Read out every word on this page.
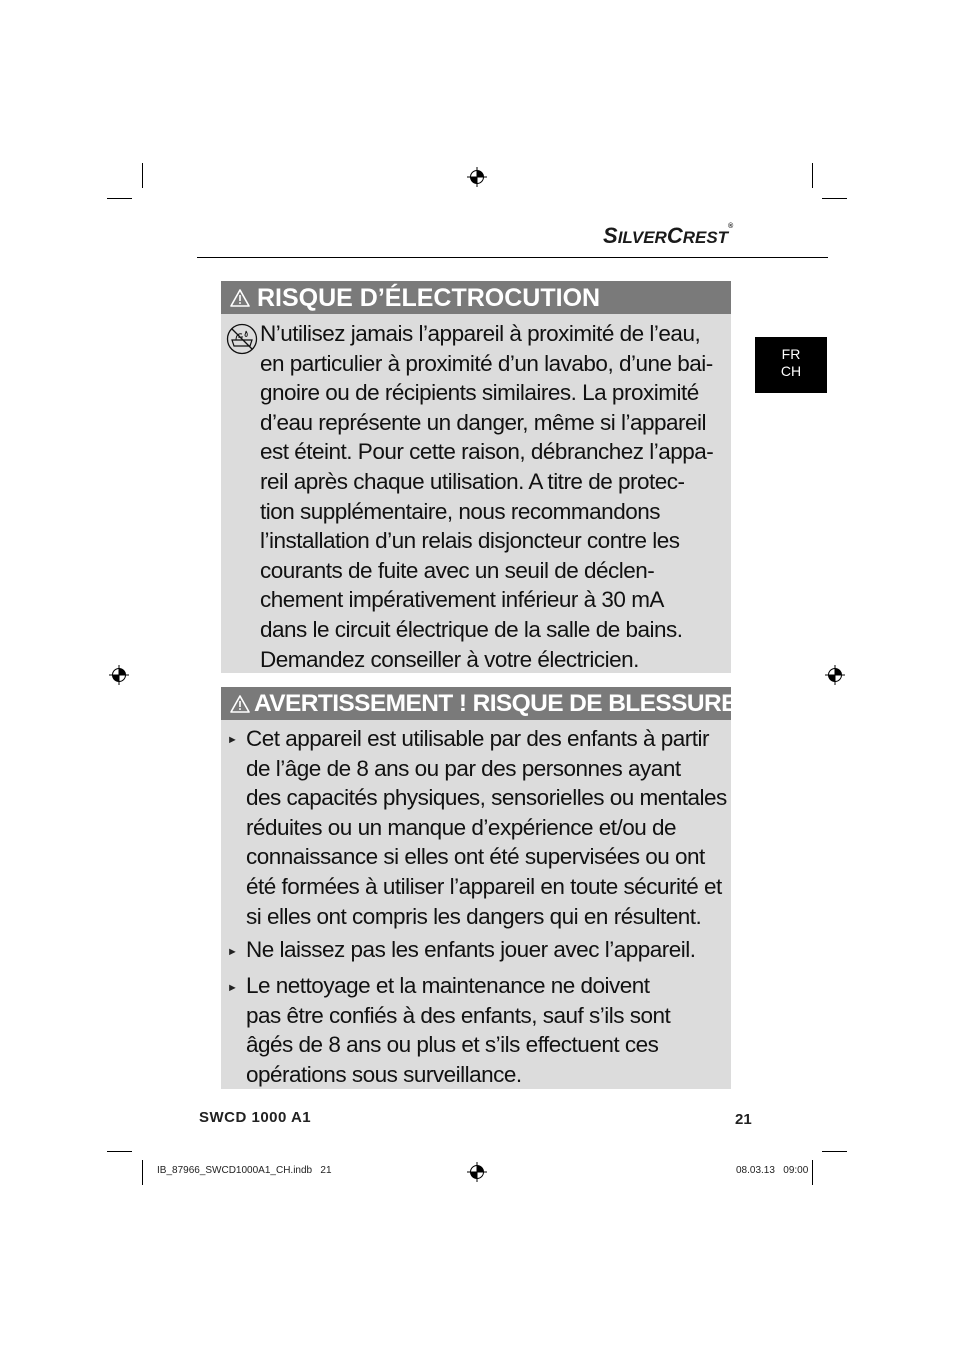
SILVERCREST®
FR
CH
RISQUE D’ÉLECTROCUTION
N’utilisez jamais l’appareil à proximité de l’eau,
en particulier à proximité d’un lavabo, d’une bai-
gnoire ou de récipients similaires. La proximité
d’eau représente un danger, même si l’appareil
est éteint. Pour cette raison, débranchez l’appa-
reil après chaque utilisation. A titre de protec-
tion supplémentaire, nous recommandons
l’installation d’un relais disjoncteur contre les
courants de fuite avec un seuil de déclen-
chement impérativement inférieur à 30 mA
dans le circuit électrique de la salle de bains.
Demandez conseiller à votre électricien.
AVERTISSEMENT ! RISQUE DE BLESSURE !
► Cet appareil est utilisable par des enfants à partir
de l’âge de 8 ans ou par des personnes ayant
des capacités physiques, sensorielles ou mentales
réduites ou un manque d’expérience et/ou de
connaissance si elles ont été supervisées ou ont
été formées à utiliser l’appareil en toute sécurité et
si elles ont compris les dangers qui en résultent.
► Ne laissez pas les enfants jouer avec l’appareil.
► Le nettoyage et la maintenance ne doivent
pas être confiés à des enfants, sauf s’ils sont
âgés de 8 ans ou plus et s’ils effectuent ces
opérations sous surveillance.
SWCD 1000 A1	21
IB_87966_SWCD1000A1_CH.indb   21	08.03.13   09:00
